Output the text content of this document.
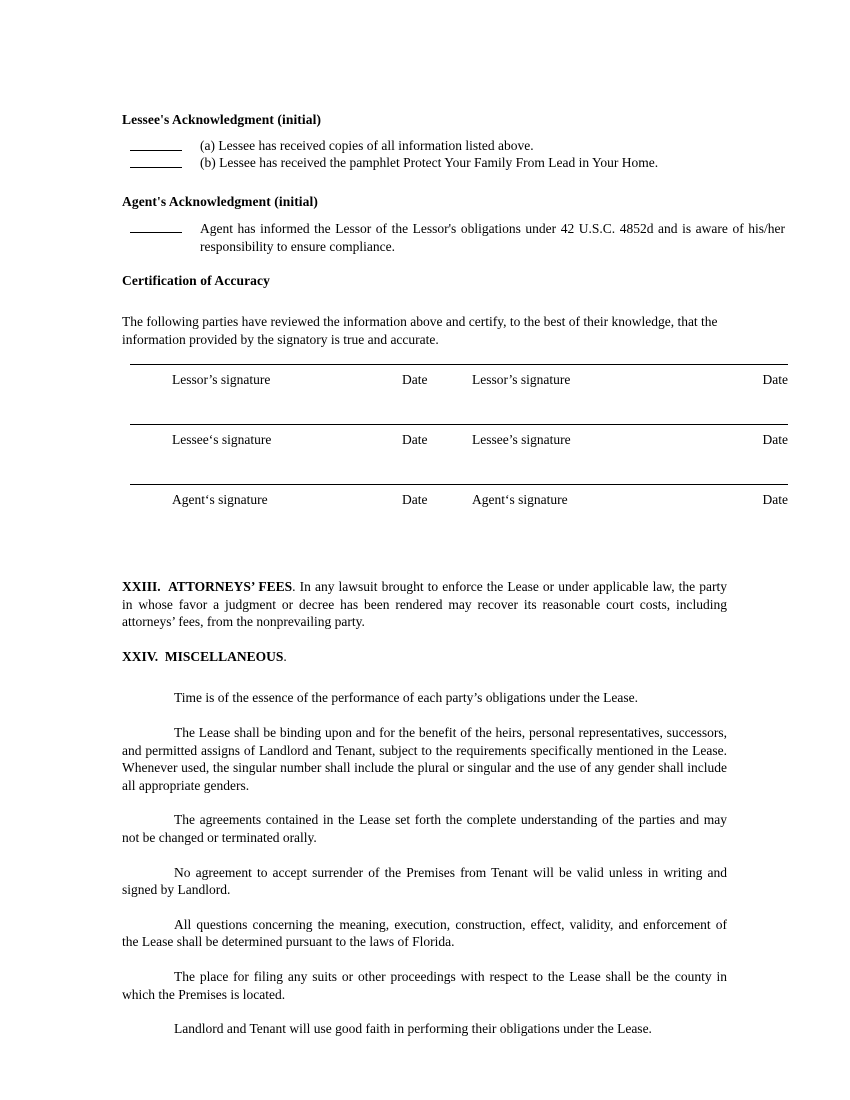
Lessee's Acknowledgment (initial)
(a) Lessee has received copies of all information listed above.
(b) Lessee has received the pamphlet Protect Your Family From Lead in Your Home.
Agent's Acknowledgment (initial)
Agent has informed the Lessor of the Lessor's obligations under 42 U.S.C. 4852d and is aware of his/her responsibility to ensure compliance.
Certification of Accuracy

The following parties have reviewed the information above and certify, to the best of their knowledge, that the information provided by the signatory is true and accurate.

Lessor’s signature	Date	Lessor’s signature	Date
Lessee‘s signature	Date	Lessee’s signature	Date
Agent‘s signature	Date	Agent‘s signature	Date

XXIII. ATTORNEYS’ FEES. In any lawsuit brought to enforce the Lease or under applicable law, the party in whose favor a judgment or decree has been rendered may recover its reasonable court costs, including attorneys’ fees, from the nonprevailing party.

XXIV. MISCELLANEOUS.

Time is of the essence of the performance of each party’s obligations under the Lease.

The Lease shall be binding upon and for the benefit of the heirs, personal representatives, successors, and permitted assigns of Landlord and Tenant, subject to the requirements specifically mentioned in the Lease. Whenever used, the singular number shall include the plural or singular and the use of any gender shall include all appropriate genders.

The agreements contained in the Lease set forth the complete understanding of the parties and may not be changed or terminated orally.

No agreement to accept surrender of the Premises from Tenant will be valid unless in writing and signed by Landlord.

All questions concerning the meaning, execution, construction, effect, validity, and enforcement of the Lease shall be determined pursuant to the laws of Florida.

The place for filing any suits or other proceedings with respect to the Lease shall be the county in which the Premises is located.

Landlord and Tenant will use good faith in performing their obligations under the Lease.
